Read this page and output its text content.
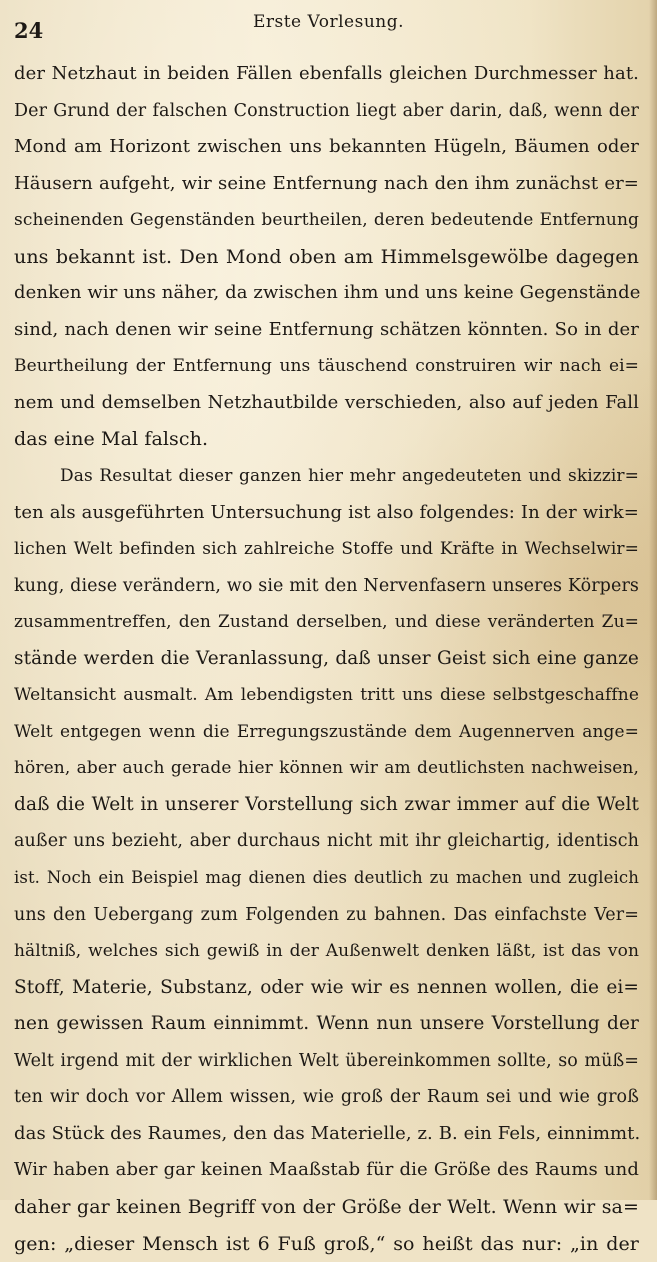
24	Erste Vorlesung.
der Netzhaut in beiden Fällen ebenfalls gleichen Durchmesser hat.
Der Grund der falschen Construction liegt aber darin, daß, wenn der
Mond am Horizont zwischen uns bekannten Hügeln, Bäumen oder
Häusern aufgeht, wir seine Entfernung nach den ihm zunächst er=
scheinenden Gegenständen beurtheilen, deren bedeutende Entfernung
uns bekannt ist. Den Mond oben am Himmelsgewölbe dagegen
denken wir uns näher, da zwischen ihm und uns keine Gegenstände
sind, nach denen wir seine Entfernung schätzen könnten. So in der
Beurtheilung der Entfernung uns täuschend construiren wir nach ei=
nem und demselben Netzhautbilde verschieden, also auf jeden Fall
das eine Mal falsch.
Das Resultat dieser ganzen hier mehr angedeuteten und skizzir=
ten als ausgeführten Untersuchung ist also folgendes: In der wirk=
lichen Welt befinden sich zahlreiche Stoffe und Kräfte in Wechselwir=
kung, diese verändern, wo sie mit den Nervenfasern unseres Körpers
zusammentreffen, den Zustand derselben, und diese veränderten Zu=
stände werden die Veranlassung, daß unser Geist sich eine ganze
Weltansicht ausmalt. Am lebendigsten tritt uns diese selbstgeschaffne
Welt entgegen wenn die Erregungszustände dem Augennerven ange=
hören, aber auch gerade hier können wir am deutlichsten nachweisen,
daß die Welt in unserer Vorstellung sich zwar immer auf die Welt
außer uns bezieht, aber durchaus nicht mit ihr gleichartig, identisch
ist. Noch ein Beispiel mag dienen dies deutlich zu machen und zugleich
uns den Uebergang zum Folgenden zu bahnen. Das einfachste Ver=
hältniß, welches sich gewiß in der Außenwelt denken läßt, ist das von
Stoff, Materie, Substanz, oder wie wir es nennen wollen, die ei=
nen gewissen Raum einnimmt. Wenn nun unsere Vorstellung der
Welt irgend mit der wirklichen Welt übereinkommen sollte, so müß=
ten wir doch vor Allem wissen, wie groß der Raum sei und wie groß
das Stück des Raumes, den das Materielle, z. B. ein Fels, einnimmt.
Wir haben aber gar keinen Maaßstab für die Größe des Raums und
daher gar keinen Begriff von der Größe der Welt. Wenn wir sa=
gen: „dieser Mensch ist 6 Fuß groß,“ so heißt das nur: „in der
